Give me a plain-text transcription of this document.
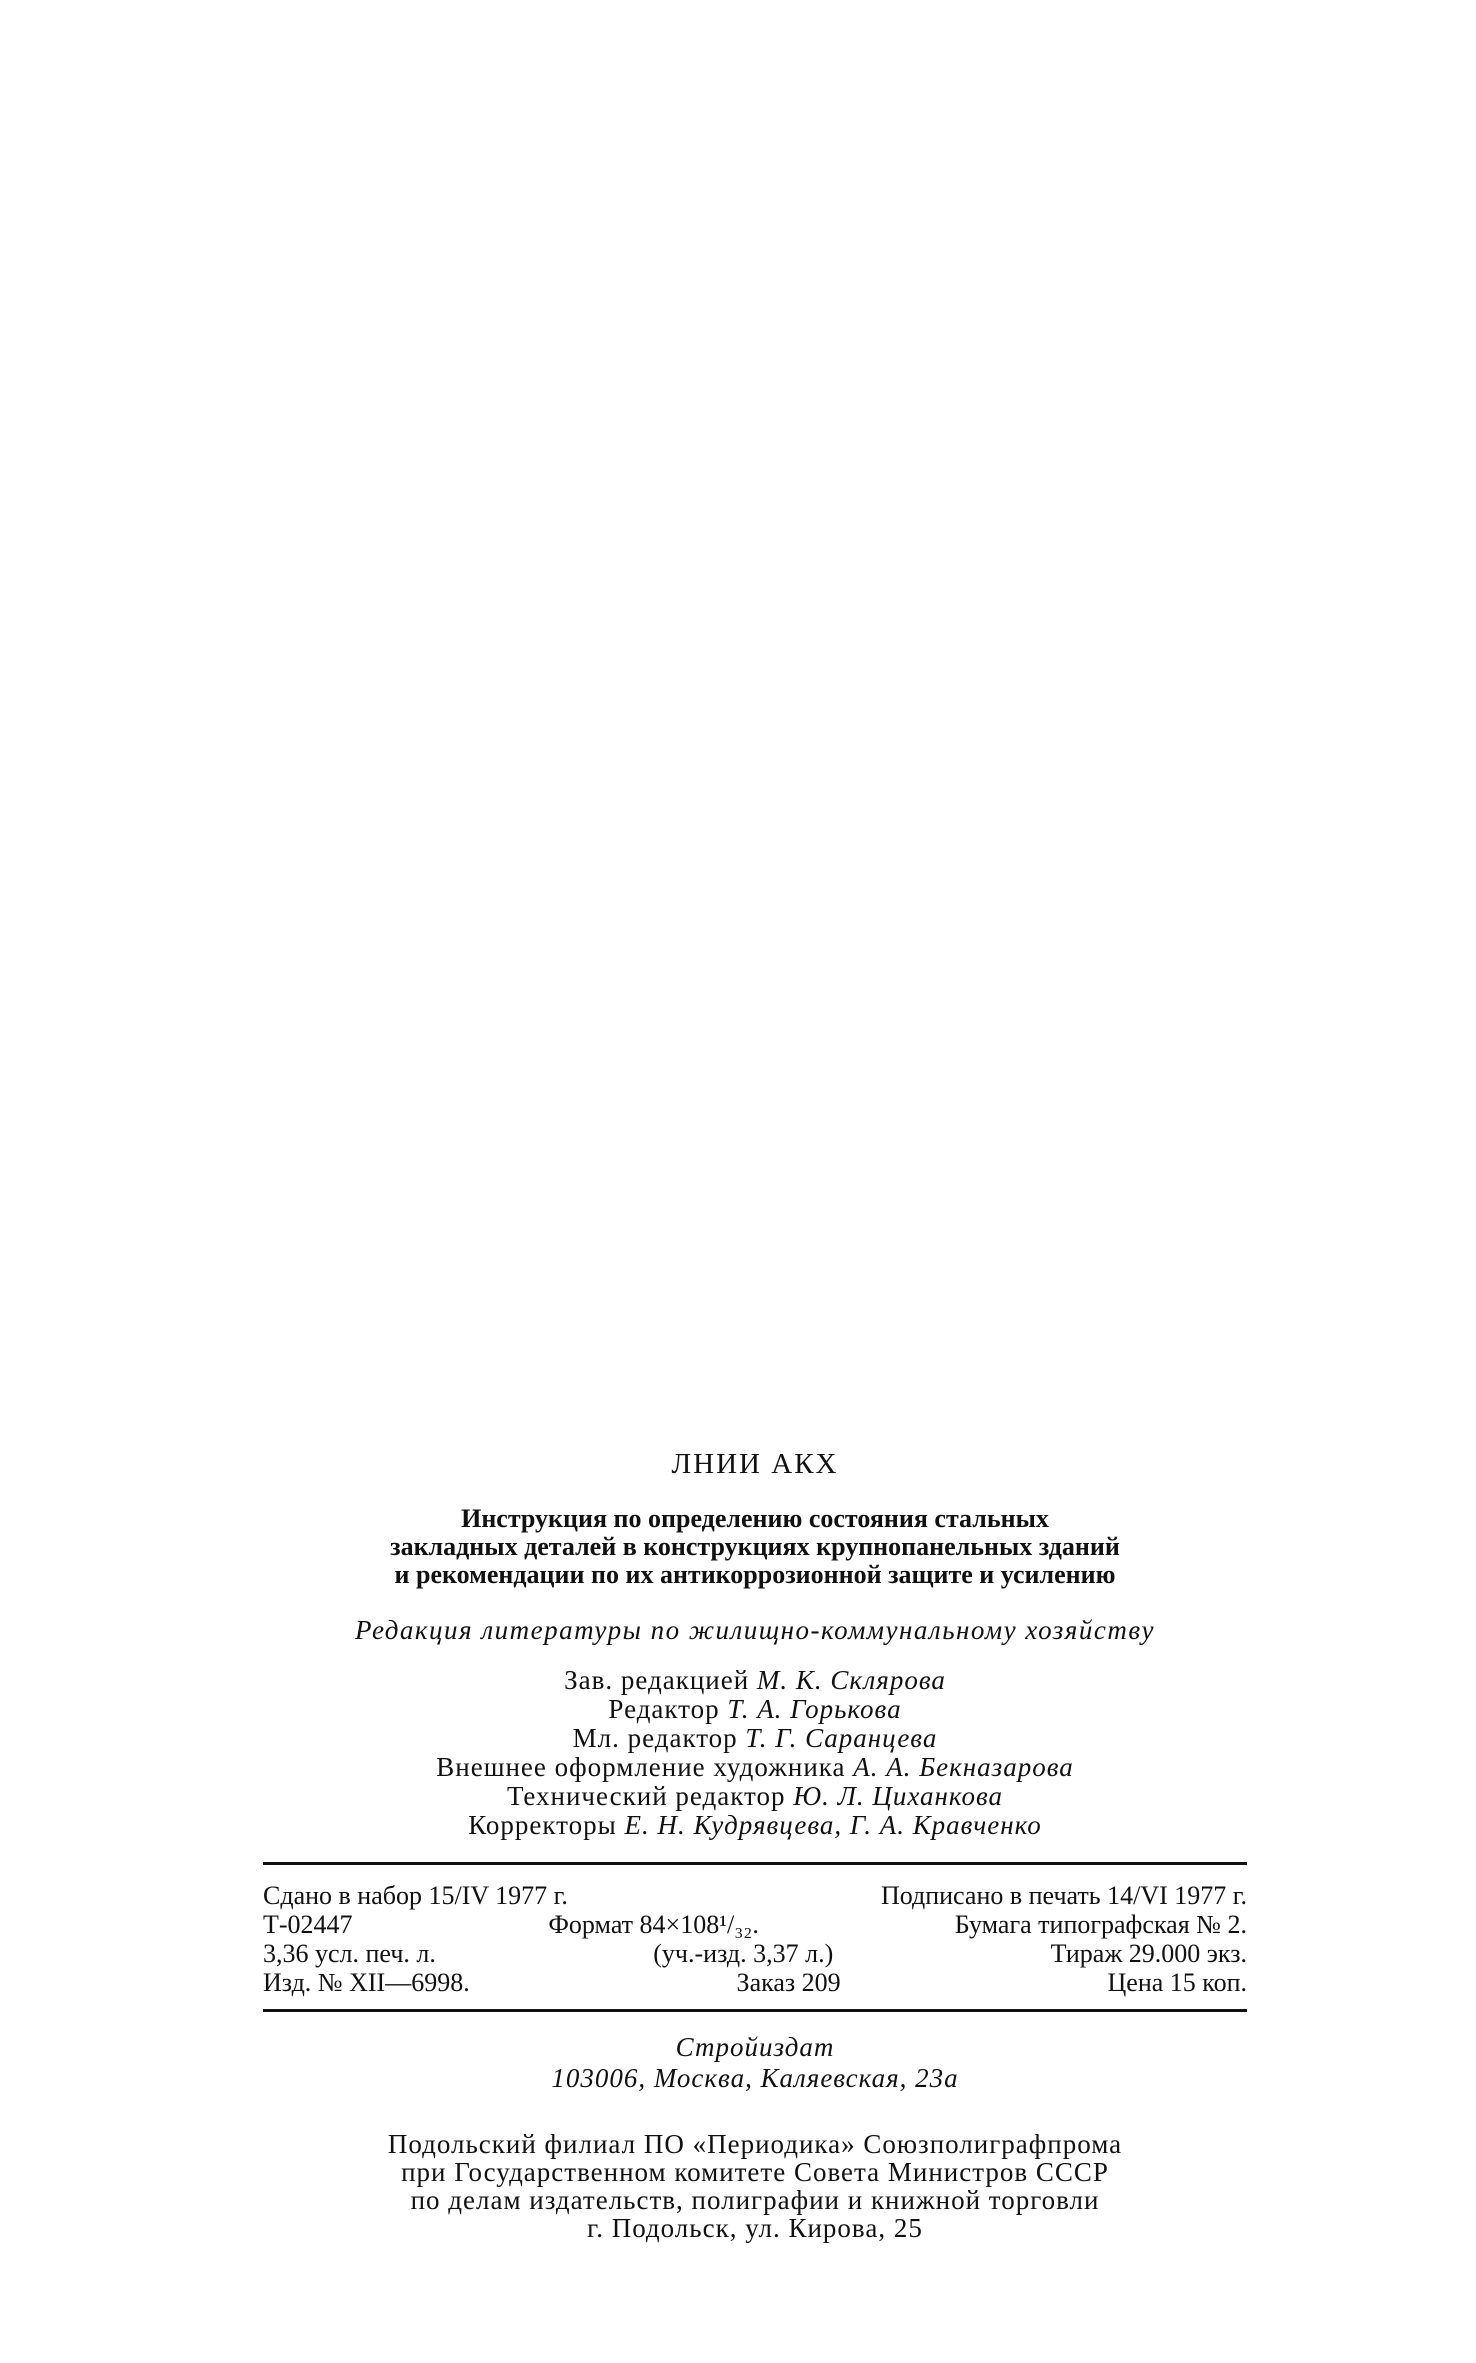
ЛНИИ АКХ
Инструкция по определению состояния стальных
закладных деталей в конструкциях крупнопанельных зданий
и рекомендации по их антикоррозионной защите и усилению
Редакция литературы по жилищно-коммунальному хозяйству
Зав. редакцией М. К. Склярова
Редактор Т. А. Горькова
Мл. редактор Т. Г. Саранцева
Внешнее оформление художника А. А. Бекназарова
Технический редактор Ю. Л. Циханкова
Корректоры Е. Н. Кудрявцева, Г. А. Кравченко
Сдано в набор 15/IV 1977 г.	Подписано в печать 14/VI 1977 г.
Т-02447	Формат 84×108¹/₃₂.	Бумага типографская № 2.
3,36 усл. печ. л.	(уч.-изд. 3,37 л.)	Тираж 29.000 экз.
Изд. № XII—6998.	Заказ 209	Цена 15 коп.
Стройиздат
103006, Москва, Каляевская, 23а
Подольский филиал ПО «Периодика» Союзполиграфпрома
при Государственном комитете Совета Министров СССР
по делам издательств, полиграфии и книжной торговли
г. Подольск, ул. Кирова, 25
